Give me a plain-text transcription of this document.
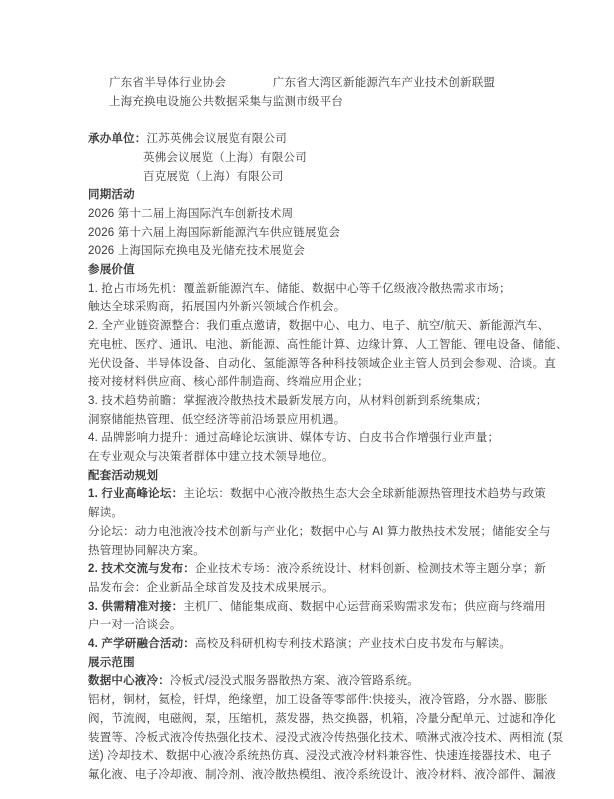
广东省半导体行业协会　　　　广东省大湾区新能源汽车产业技术创新联盟
上海充换电设施公共数据采集与监测市级平台
承办单位：江苏英佛会议展览有限公司
英佛会议展览（上海）有限公司
百克展览（上海）有限公司
同期活动
2026 第十二届上海国际汽车创新技术周
2026 第十六届上海国际新能源汽车供应链展览会
2026 上海国际充换电及光储充技术展览会
参展价值
1. 抢占市场先机：覆盖新能源汽车、储能、数据中心等千亿级液冷散热需求市场；
触达全球采购商，拓展国内外新兴领域合作机会。
2. 全产业链资源整合：我们重点邀请，数据中心、电力、电子、航空/航天、新能源汽车、
充电桩、医疗、通讯、电池、新能源、高性能计算、边缘计算、人工智能、锂电设备、储能、
光伏设备、半导体设备、自动化、氢能源等各种科技领域企业主管人员到会参观、洽谈。直
接对接材料供应商、核心部件制造商、终端应用企业；
3. 技术趋势前瞻：掌握液冷散热技术最新发展方向，从材料创新到系统集成；
洞察储能热管理、低空经济等前沿场景应用机遇。
4. 品牌影响力提升：通过高峰论坛演讲、媒体专访、白皮书合作增强行业声量；
在专业观众与决策者群体中建立技术领导地位。
配套活动规划
1. 行业高峰论坛：主论坛：数据中心液冷散热生态大会全球新能源热管理技术趋势与政策
解读。
分论坛：动力电池液冷技术创新与产业化；数据中心与 AI 算力散热技术发展；储能安全与
热管理协同解决方案。
2. 技术交流与发布：企业技术专场：液冷系统设计、材料创新、检测技术等主题分享；新
品发布会：企业新品全球首发及技术成果展示。
3. 供需精准对接：主机厂、储能集成商、数据中心运营商采购需求发布；供应商与终端用
户一对一洽谈会。
4. 产学研融合活动：高校及科研机构专利技术路演；产业技术白皮书发布与解读。
展示范围
数据中心液冷：冷板式/浸没式服务器散热方案、液冷管路系统。
铝材，铜材，氦检，钎焊，绝缘塑，加工设备等零部件:快接头，液冷管路，分水器、膨胀
阀，节流阀，电磁阀，泵，压缩机，蒸发器，热交换器，机箱，冷量分配单元、过滤和净化
装置等、冷板式液冷传热强化技术、浸没式液冷传热强化技术、喷淋式液冷技术、两相流 (泵
送) 冷却技术、数据中心液冷系统热仿真、浸没式液冷材料兼容性、快速连接器技术、电子
氟化液、电子冷却液、制冷剂、液冷散热模组、液冷系统设计、液冷材料、液冷部件、漏液
